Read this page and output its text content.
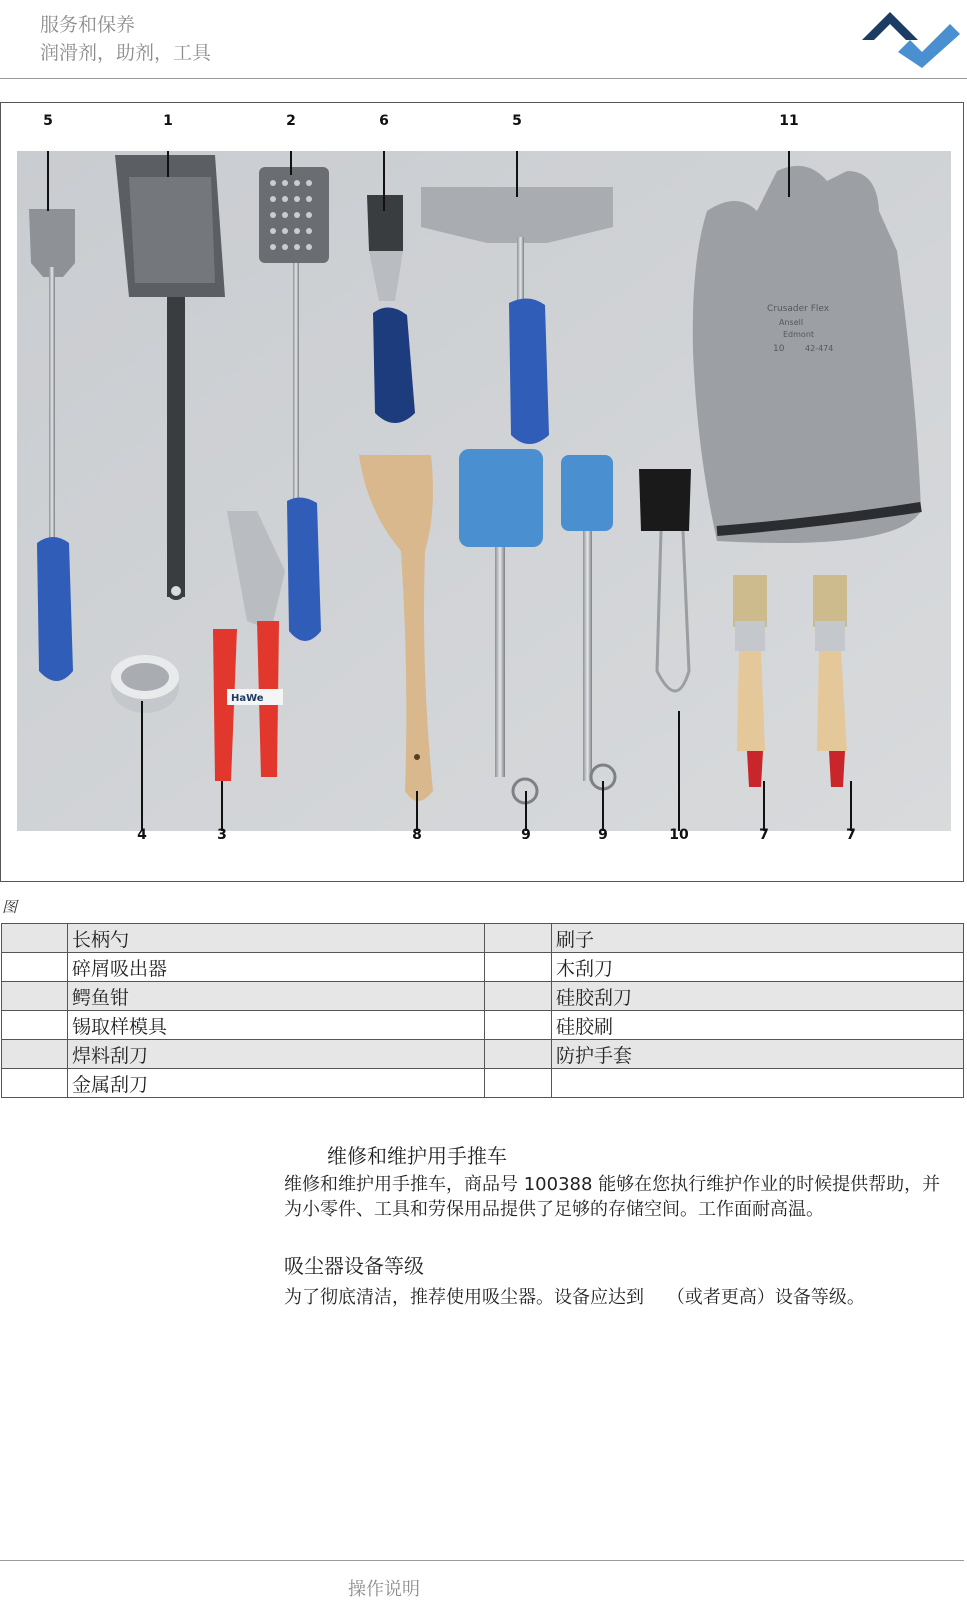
服务和保养
润滑剂，助剂，工具
Crusader Flex
Ansell
Edmont
10	42-474
HaWe
5	1	2	6	5	11
4	3	8	9	9	10	7	7
图
	长柄勺		刷子
	碎屑吸出器		木刮刀
	鳄鱼钳		硅胶刮刀
	锡取样模具		硅胶刷
	焊料刮刀		防护手套
	金属刮刀		
维修和维护用手推车
维修和维护用手推车，商品号 100388 能够在您执行维护作业的时候提供帮助，并为小零件、工具和劳保用品提供了足够的存储空间。工作面耐高温。
吸尘器设备等级
为了彻底清洁，推荐使用吸尘器。设备应达到    （或者更高）设备等级。
操作说明
